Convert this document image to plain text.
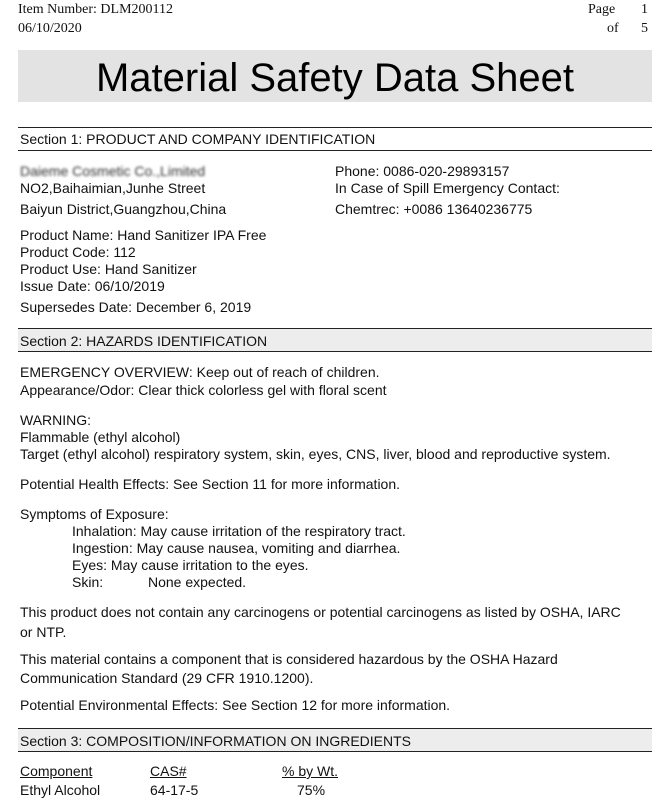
Item Number: DLM200112
06/10/2020
Page 1
of 5
Material Safety Data Sheet
Section 1: PRODUCT AND COMPANY IDENTIFICATION
Daieme Cosmetic Co.,Limited
NO2,Baihaimian,Junhe Street
Baiyun District,Guangzhou,China
Phone: 0086-020-29893157
In Case of Spill Emergency Contact:
Chemtrec: +0086 13640236775
Product Name: Hand Sanitizer IPA Free
Product Code: 112
Product Use: Hand Sanitizer
Issue Date: 06/10/2019
Supersedes Date: December 6, 2019
Section 2: HAZARDS IDENTIFICATION
EMERGENCY OVERVIEW: Keep out of reach of children.
Appearance/Odor: Clear thick colorless gel with floral scent
WARNING:
Flammable (ethyl alcohol)
Target (ethyl alcohol) respiratory system, skin, eyes, CNS, liver, blood and reproductive system.
Potential Health Effects: See Section 11 for more information.
Symptoms of Exposure:
Inhalation: May cause irritation of the respiratory tract.
Ingestion: May cause nausea, vomiting and diarrhea.
Eyes: May cause irritation to the eyes.
Skin:	None expected.
This product does not contain any carcinogens or potential carcinogens as listed by OSHA, IARC
or NTP.
This material contains a component that is considered hazardous by the OSHA Hazard
Communication Standard (29 CFR 1910.1200).
Potential Environmental Effects: See Section 12 for more information.
Section 3: COMPOSITION/INFORMATION ON INGREDIENTS
Component	CAS#	% by Wt.
Ethyl Alcohol	64-17-5	75%
